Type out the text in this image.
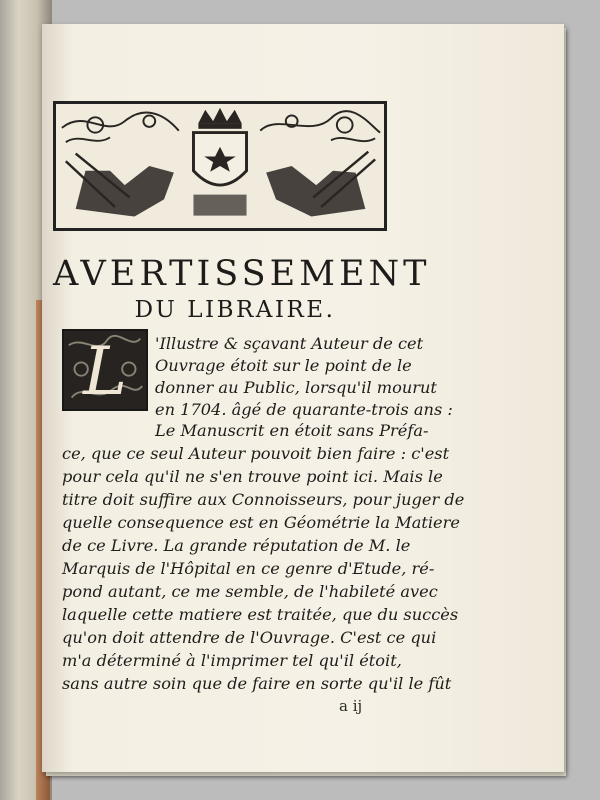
AVERTISSEMENT
DU LIBRAIRE.
L	'Illustre & sçavant Auteur de cet
Ouvrage étoit sur le point de le
donner au Public, lorsqu'il mourut
en 1704. âgé de quarante-trois ans :
Le Manuscrit en étoit sans Préfa-
ce, que ce seul Auteur pouvoit bien faire : c'est
pour cela qu'il ne s'en trouve point ici. Mais le
titre doit suffire aux Connoisseurs, pour juger de
quelle consequence est en Géométrie la Matiere
de ce Livre. La grande réputation de M. le
Marquis de l'Hôpital en ce genre d'Etude, ré-
pond autant, ce me semble, de l'habileté avec
laquelle cette matiere est traitée, que du succès
qu'on doit attendre de l'Ouvrage. C'est ce qui
m'a déterminé à l'imprimer tel qu'il étoit,
sans autre soin que de faire en sorte qu'il le fût
a ij
